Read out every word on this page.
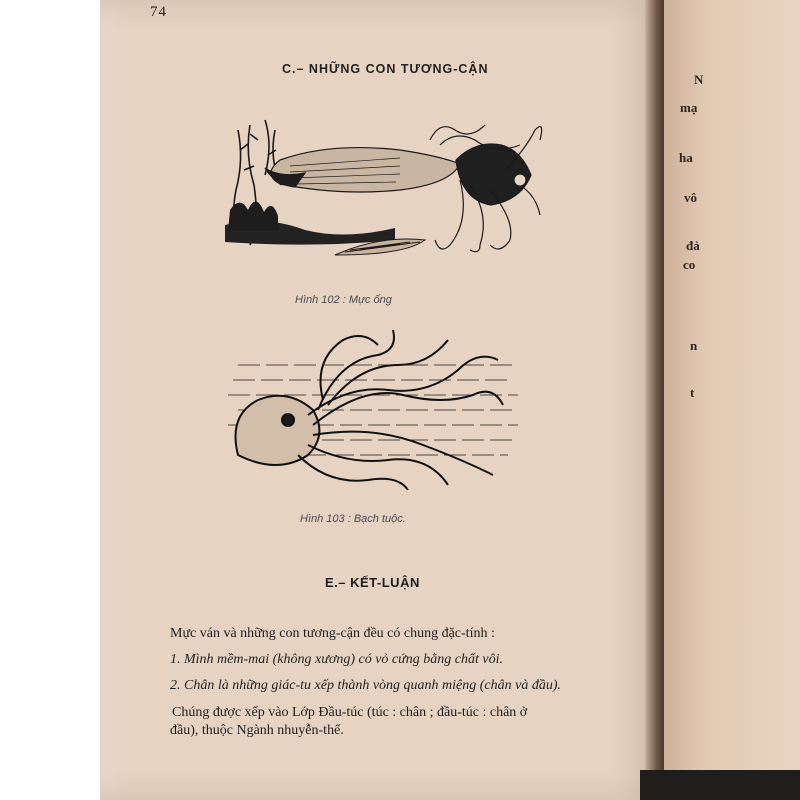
74
C.– NHỮNG CON TƯƠNG-CẬN
Hình 102 : Mực ống
Hình 103 : Bạch tuộc.
E.– KẾT-LUẬN
Mực ván và những con tương-cận đều có chung đặc-tính :
1. Mình mềm-mai (không xương) có vỏ cứng bằng chất vôi.
2. Chân là những giác-tu xếp thành vòng quanh miệng (chân và đầu).
Chúng được xếp vào Lớp Đầu-túc (túc : chân ; đầu-túc : chân ở
đầu), thuộc Ngành nhuyễn-thể.
N
mạ
ha
vô
đả
co
n
t
